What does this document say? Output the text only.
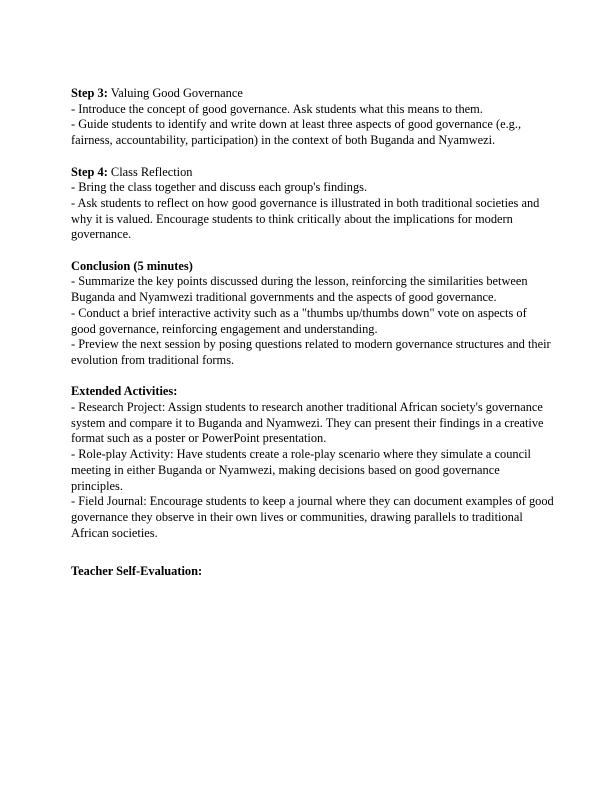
Step 3: Valuing Good Governance
- Introduce the concept of good governance. Ask students what this means to them.
- Guide students to identify and write down at least three aspects of good governance (e.g.,
fairness, accountability, participation) in the context of both Buganda and Nyamwezi.
Step 4: Class Reflection
- Bring the class together and discuss each group's findings.
- Ask students to reflect on how good governance is illustrated in both traditional societies and
why it is valued. Encourage students to think critically about the implications for modern
governance.
Conclusion (5 minutes)
- Summarize the key points discussed during the lesson, reinforcing the similarities between
Buganda and Nyamwezi traditional governments and the aspects of good governance.
- Conduct a brief interactive activity such as a "thumbs up/thumbs down" vote on aspects of
good governance, reinforcing engagement and understanding.
- Preview the next session by posing questions related to modern governance structures and their
evolution from traditional forms.
Extended Activities:
- Research Project: Assign students to research another traditional African society's governance
system and compare it to Buganda and Nyamwezi. They can present their findings in a creative
format such as a poster or PowerPoint presentation.
- Role-play Activity: Have students create a role-play scenario where they simulate a council
meeting in either Buganda or Nyamwezi, making decisions based on good governance
principles.
- Field Journal: Encourage students to keep a journal where they can document examples of good
governance they observe in their own lives or communities, drawing parallels to traditional
African societies.
Teacher Self-Evaluation:
